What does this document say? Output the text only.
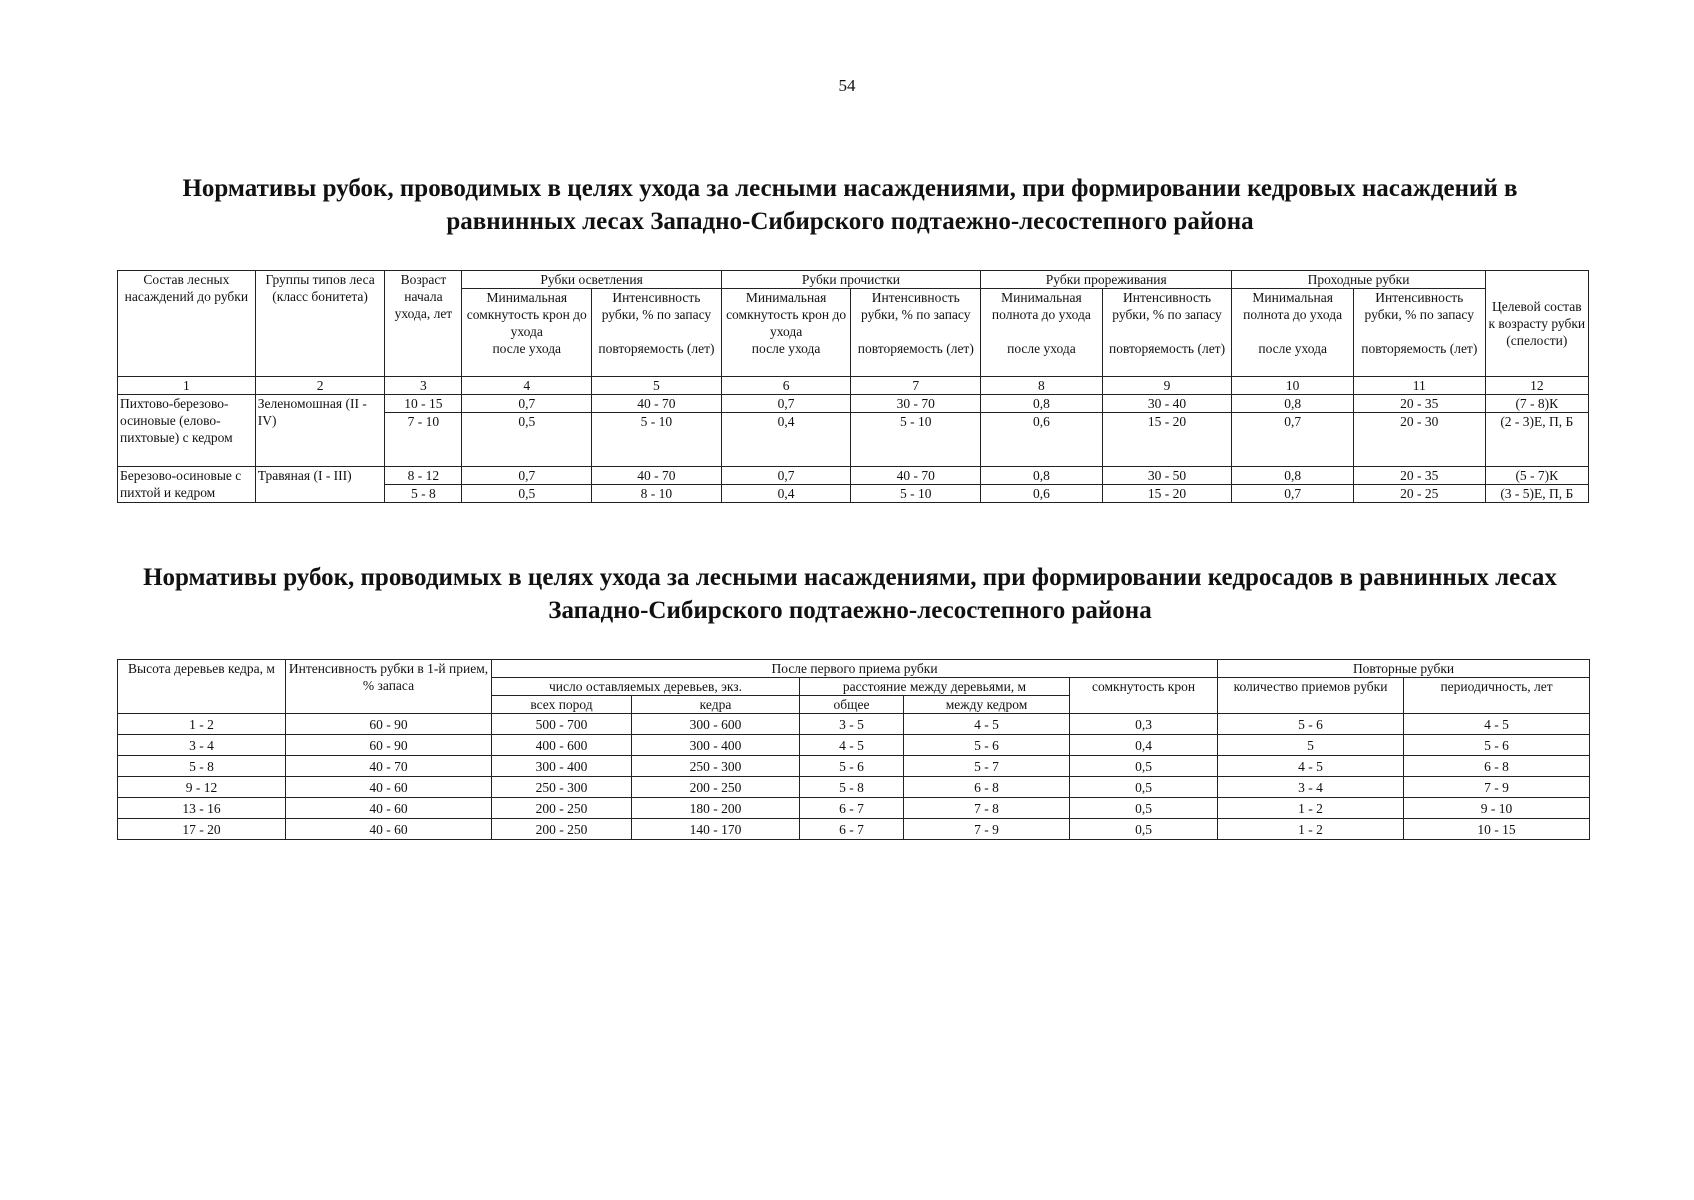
54
Нормативы рубок, проводимых в целях ухода за лесными насаждениями, при формировании кедровых насаждений в равнинных лесах Западно-Сибирского подтаежно-лесостепного района
Состав лесных насаждений до рубки	Группы типов леса (класс бонитета)	Возраст начала ухода, лет	Рубки осветления		Рубки прочистки		Рубки прореживания		Проходные рубки		Целевой состав к возрасту рубки (спелости)
			Минимальная сомкнутость крон до ухода	Интенсивность рубки, % по запасу	Минимальная сомкнутость крон до ухода	Интенсивность рубки, % по запасу	Минимальная полнота до ухода	Интенсивность рубки, % по запасу	Минимальная полнота до ухода	Интенсивность рубки, % по запасу	
			после ухода	повторяемость (лет)	после ухода	повторяемость (лет)	после ухода	повторяемость (лет)	после ухода	повторяемость (лет)	
1	2	3	4	5	6	7	8	9	10	11	12
Пихтово-березово-осиновые (елово-пихтовые) с кедром	Зеленомошная (II - IV)	10 - 15	0,7	40 - 70	0,7	30 - 70	0,8	30 - 40	0,8	20 - 35	(7 - 8)К
		7 - 10	0,5	5 - 10	0,4	5 - 10	0,6	15 - 20	0,7	20 - 30	(2 - 3)Е, П, Б
Березово-осиновые с пихтой и кедром	Травяная (I - III)	8 - 12	0,7	40 - 70	0,7	40 - 70	0,8	30 - 50	0,8	20 - 35	(5 - 7)К
		5 - 8	0,5	8 - 10	0,4	5 - 10	0,6	15 - 20	0,7	20 - 25	(3 - 5)Е, П, Б
Нормативы рубок, проводимых в целях ухода за лесными насаждениями, при формировании кедросадов в равнинных лесах Западно-Сибирского подтаежно-лесостепного района
Высота деревьев кедра, м	Интенсивность рубки в 1-й прием, % запаса	После первого приема рубки					Повторные рубки	
		число оставляемых деревьев, экз.		расстояние между деревьями, м		сомкнутость крон	количество приемов рубки	периодичность, лет
		всех пород	кедра	общее	между кедром			
1 - 2	60 - 90	500 - 700	300 - 600	3 - 5	4 - 5	0,3	5 - 6	4 - 5
3 - 4	60 - 90	400 - 600	300 - 400	4 - 5	5 - 6	0,4	5	5 - 6
5 - 8	40 - 70	300 - 400	250 - 300	5 - 6	5 - 7	0,5	4 - 5	6 - 8
9 - 12	40 - 60	250 - 300	200 - 250	5 - 8	6 - 8	0,5	3 - 4	7 - 9
13 - 16	40 - 60	200 - 250	180 - 200	6 - 7	7 - 8	0,5	1 - 2	9 - 10
17 - 20	40 - 60	200 - 250	140 - 170	6 - 7	7 - 9	0,5	1 - 2	10 - 15
